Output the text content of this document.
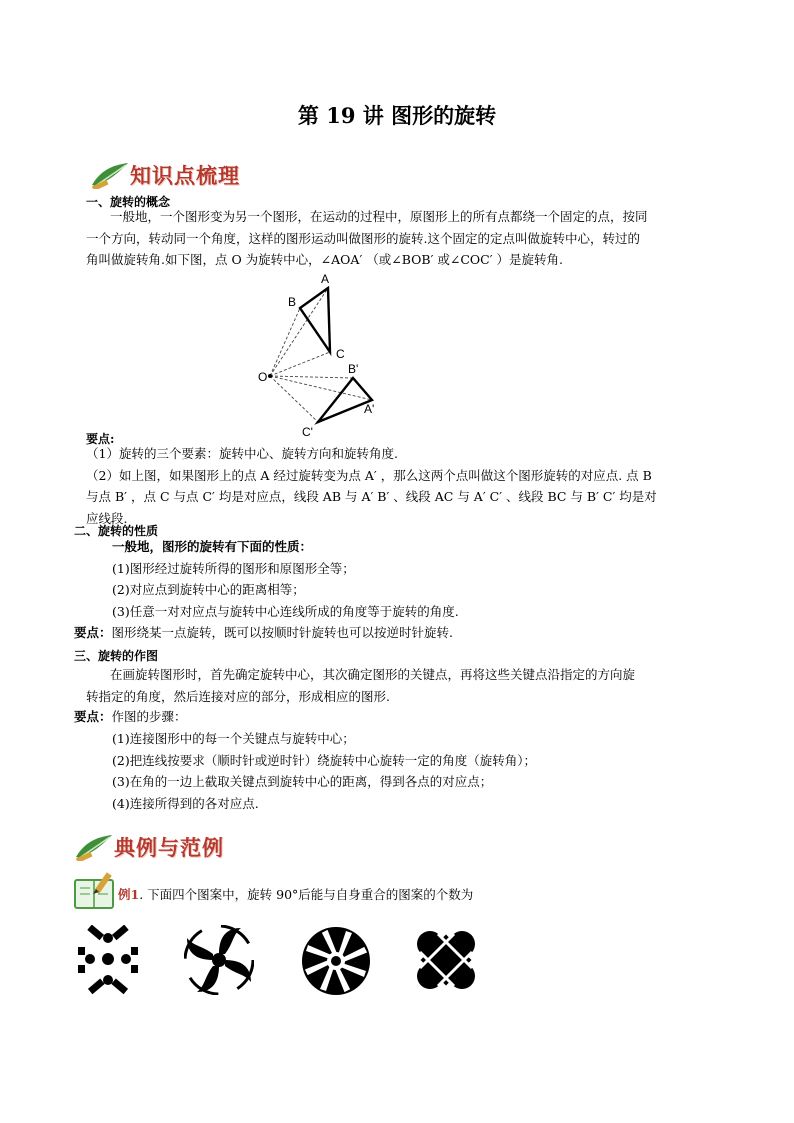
第 19 讲 图形的旋转
知识点梳理
一、旋转的概念
一般地，一个图形变为另一个图形，在运动的过程中，原图形上的所有点都绕一个固定的点，按同
一个方向，转动同一个角度，这样的图形运动叫做图形的旋转.这个固定的定点叫做旋转中心，转过的
角叫做旋转角.如下图，点 O 为旋转中心，∠AOA′ （或∠BOB′ 或∠COC′ ）是旋转角.
A
B
C
O
B'
A'
C'
要点:
（1）旋转的三个要素：旋转中心、旋转方向和旋转角度.
（2）如上图，如果图形上的点 A 经过旋转变为点 A′ ，那么这两个点叫做这个图形旋转的对应点. 点 B
与点 B′ ，点 C 与点 C′ 均是对应点，线段 AB 与 A′ B′ 、线段 AC 与 A′ C′ 、线段 BC 与 B′ C′ 均是对
应线段.
二、旋转的性质
一般地，图形的旋转有下面的性质：
(1)图形经过旋转所得的图形和原图形全等；
(2)对应点到旋转中心的距离相等；
(3)任意一对对应点与旋转中心连线所成的角度等于旋转的角度.
要点：图形绕某一点旋转，既可以按顺时针旋转也可以按逆时针旋转.
三、旋转的作图
在画旋转图形时，首先确定旋转中心，其次确定图形的关键点，再将这些关键点沿指定的方向旋
转指定的角度，然后连接对应的部分，形成相应的图形.
要点：作图的步骤：
(1)连接图形中的每一个关键点与旋转中心；
(2)把连线按要求（顺时针或逆时针）绕旋转中心旋转一定的角度（旋转角）；
(3)在角的一边上截取关键点到旋转中心的距离，得到各点的对应点；
(4)连接所得到的各对应点.
典例与范例
例1. 下面四个图案中，旋转 90°后能与自身重合的图案的个数为
